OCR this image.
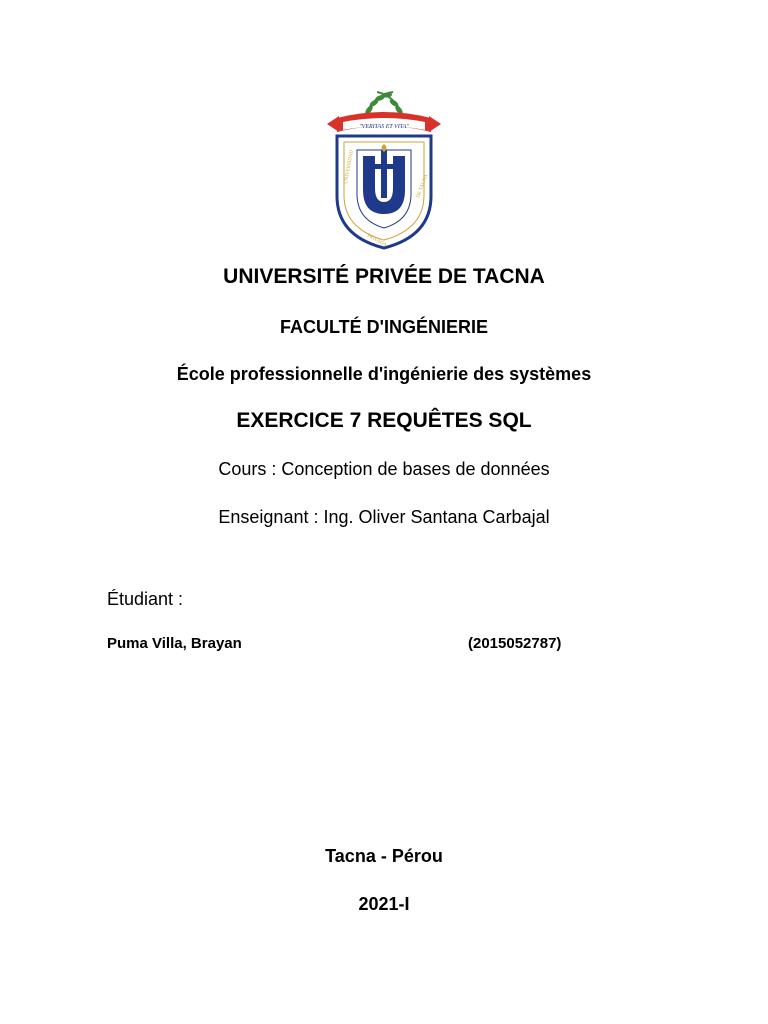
"VERITAS ET VITA"
UNIVERSIDAD
PRIVADA
DE TACNA
UNIVERSITÉ PRIVÉE DE TACNA
FACULTÉ D'INGÉNIERIE
École professionnelle d'ingénierie des systèmes
EXERCICE 7 REQUÊTES SQL
Cours : Conception de bases de données
Enseignant : Ing. Oliver Santana Carbajal
Étudiant :
Puma Villa, Brayan	(2015052787)
Tacna - Pérou
2021-I
